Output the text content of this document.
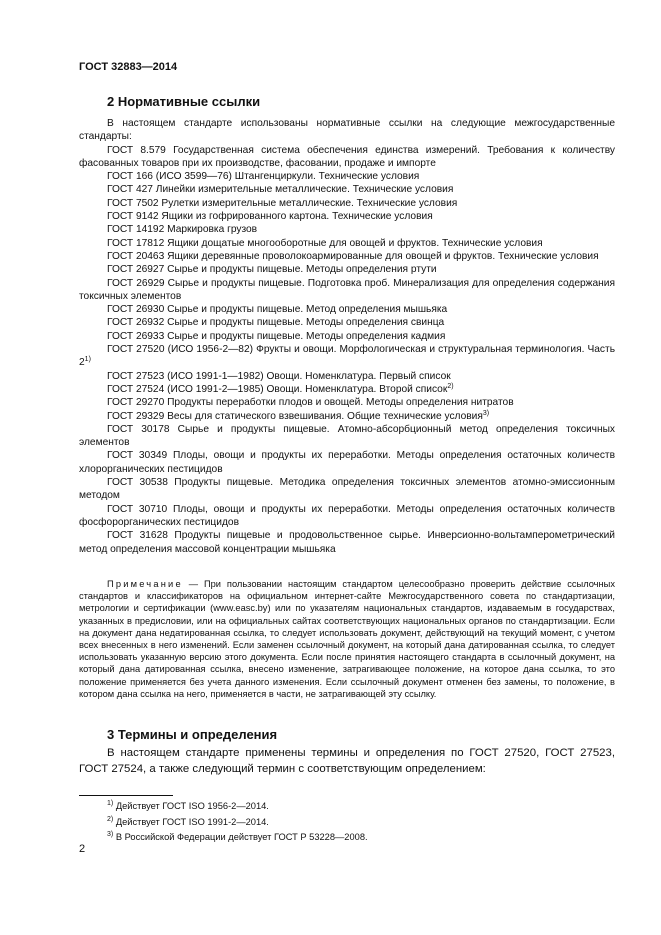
ГОСТ 32883—2014
2 Нормативные ссылки

В настоящем стандарте использованы нормативные ссылки на следующие межгосударственные стандарты:

ГОСТ 8.579 Государственная система обеспечения единства измерений. Требования к количеству фасованных товаров при их производстве, фасовании, продаже и импорте

ГОСТ 166 (ИСО 3599—76) Штангенциркули. Технические условия

ГОСТ 427 Линейки измерительные металлические. Технические условия

ГОСТ 7502 Рулетки измерительные металлические. Технические условия

ГОСТ 9142 Ящики из гофрированного картона. Технические условия

ГОСТ 14192 Маркировка грузов

ГОСТ 17812 Ящики дощатые многооборотные для овощей и фруктов. Технические условия

ГОСТ 20463 Ящики деревянные проволокоармированные для овощей и фруктов. Технические условия

ГОСТ 26927 Сырье и продукты пищевые. Методы определения ртути

ГОСТ 26929 Сырье и продукты пищевые. Подготовка проб. Минерализация для определения содержания токсичных элементов

ГОСТ 26930 Сырье и продукты пищевые. Метод определения мышьяка

ГОСТ 26932 Сырье и продукты пищевые. Методы определения свинца

ГОСТ 26933 Сырье и продукты пищевые. Методы определения кадмия

ГОСТ 27520 (ИСО 1956-2—82) Фрукты и овощи. Морфологическая и структуральная терминология. Часть 2$^{1)}$

ГОСТ 27523 (ИСО 1991-1—1982) Овощи. Номенклатура. Первый список

ГОСТ 27524 (ИСО 1991-2—1985) Овощи. Номенклатура. Второй список$^{2)}$

ГОСТ 29270 Продукты переработки плодов и овощей. Методы определения нитратов

ГОСТ 29329 Весы для статического взвешивания. Общие технические условия$^{3)}$

ГОСТ 30178 Сырье и продукты пищевые. Атомно-абсорбционный метод определения токсичных элементов

ГОСТ 30349 Плоды, овощи и продукты их переработки. Методы определения остаточных количеств хлорорганических пестицидов

ГОСТ 30538 Продукты пищевые. Методика определения токсичных элементов атомно-эмиссионным методом

ГОСТ 30710 Плоды, овощи и продукты их переработки. Методы определения остаточных количеств фосфорорганических пестицидов

ГОСТ 31628 Продукты пищевые и продовольственное сырье. Инверсионно-вольтамперометрический метод определения массовой концентрации мышьяка

Примечание — При пользовании настоящим стандартом целесообразно проверить действие ссылочных стандартов и классификаторов на официальном интернет-сайте Межгосударственного совета по стандартизации, метрологии и сертификации (www.easc.by) или по указателям национальных стандартов, издаваемым в государствах, указанных в предисловии, или на официальных сайтах соответствующих национальных органов по стандартизации. Если на документ дана недатированная ссылка, то следует использовать документ, действующий на текущий момент, с учетом всех внесенных в него изменений. Если заменен ссылочный документ, на который дана датированная ссылка, то следует использовать указанную версию этого документа. Если после принятия настоящего стандарта в ссылочный документ, на который дана датированная ссылка, внесено изменение, затрагивающее положение, на которое дана ссылка, то это положение применяется без учета данного изменения. Если ссылочный документ отменен без замены, то положение, в котором дана ссылка на него, применяется в части, не затрагивающей эту ссылку.

3 Термины и определения

В настоящем стандарте применены термины и определения по ГОСТ 27520, ГОСТ 27523, ГОСТ 27524, а также следующий термин с соответствующим определением:

$^{1)}$ Действует ГОСТ ISO 1956-2—2014.

$^{2)}$ Действует ГОСТ ISO 1991-2—2014.

$^{3)}$ В Российской Федерации действует ГОСТ Р 53228—2008.

2
